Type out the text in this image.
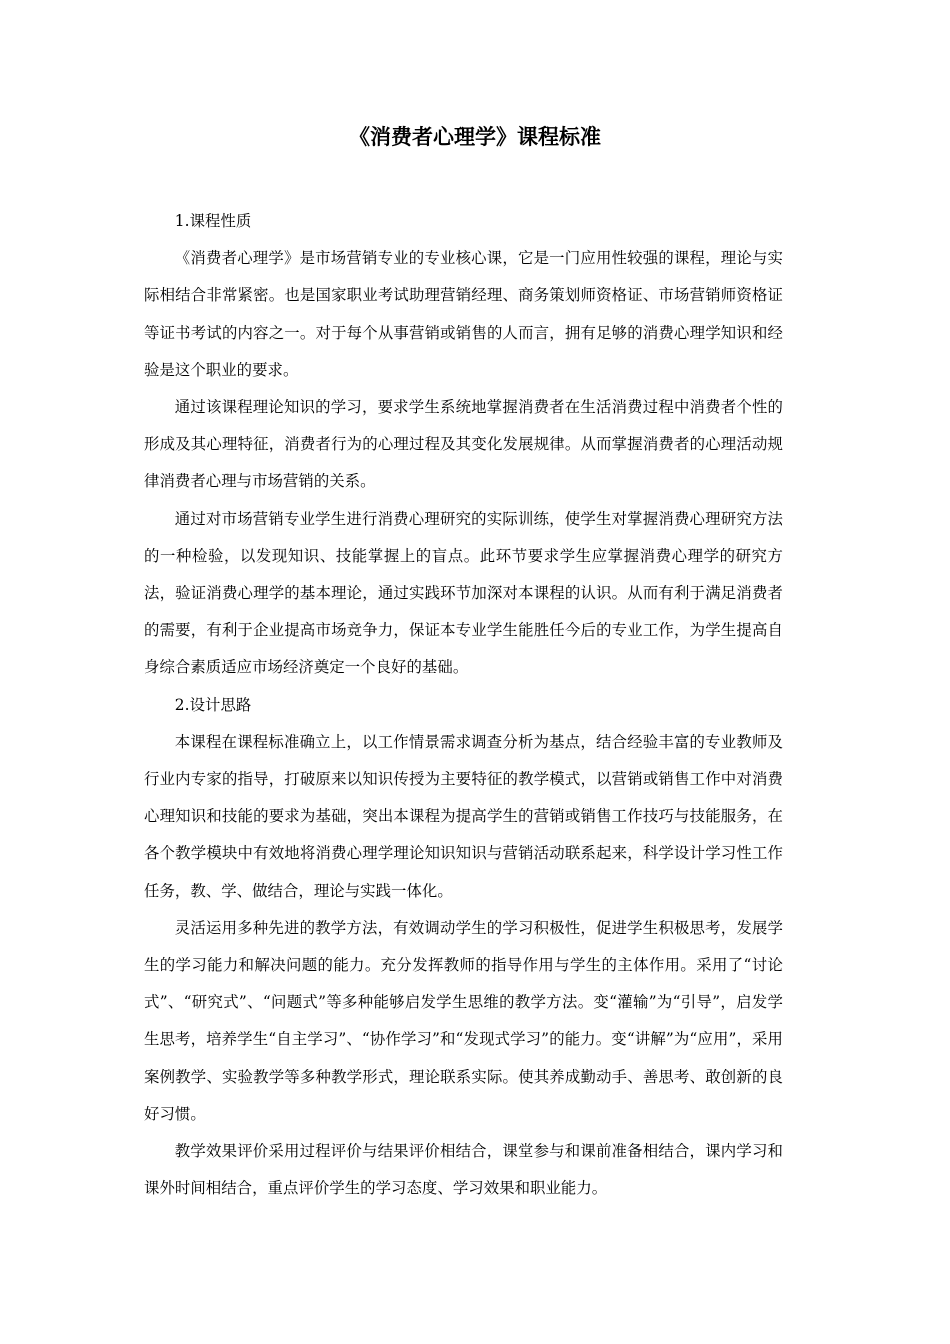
《消费者心理学》课程标准

1.课程性质

《消费者心理学》是市场营销专业的专业核心课，它是一门应用性较强的课程，理论与实际相结合非常紧密。也是国家职业考试助理营销经理、商务策划师资格证、市场营销师资格证等证书考试的内容之一。对于每个从事营销或销售的人而言，拥有足够的消费心理学知识和经验是这个职业的要求。

通过该课程理论知识的学习，要求学生系统地掌握消费者在生活消费过程中消费者个性的形成及其心理特征，消费者行为的心理过程及其变化发展规律。从而掌握消费者的心理活动规律消费者心理与市场营销的关系。

通过对市场营销专业学生进行消费心理研究的实际训练，使学生对掌握消费心理研究方法的一种检验，以发现知识、技能掌握上的盲点。此环节要求学生应掌握消费心理学的研究方法，验证消费心理学的基本理论，通过实践环节加深对本课程的认识。从而有利于满足消费者的需要，有利于企业提高市场竞争力，保证本专业学生能胜任今后的专业工作，为学生提高自身综合素质适应市场经济奠定一个良好的基础。

2.设计思路

本课程在课程标准确立上，以工作情景需求调查分析为基点，结合经验丰富的专业教师及行业内专家的指导，打破原来以知识传授为主要特征的教学模式，以营销或销售工作中对消费心理知识和技能的要求为基础，突出本课程为提高学生的营销或销售工作技巧与技能服务，在各个教学模块中有效地将消费心理学理论知识知识与营销活动联系起来，科学设计学习性工作任务，教、学、做结合，理论与实践一体化。

灵活运用多种先进的教学方法，有效调动学生的学习积极性，促进学生积极思考，发展学生的学习能力和解决问题的能力。充分发挥教师的指导作用与学生的主体作用。采用了“讨论式”、“研究式”、“问题式”等多种能够启发学生思维的教学方法。变“灌输”为“引导”，启发学生思考，培养学生“自主学习”、“协作学习”和“发现式学习”的能力。变“讲解”为“应用”，采用案例教学、实验教学等多种教学形式，理论联系实际。使其养成勤动手、善思考、敢创新的良好习惯。

教学效果评价采用过程评价与结果评价相结合，课堂参与和课前准备相结合，课内学习和课外时间相结合，重点评价学生的学习态度、学习效果和职业能力。
